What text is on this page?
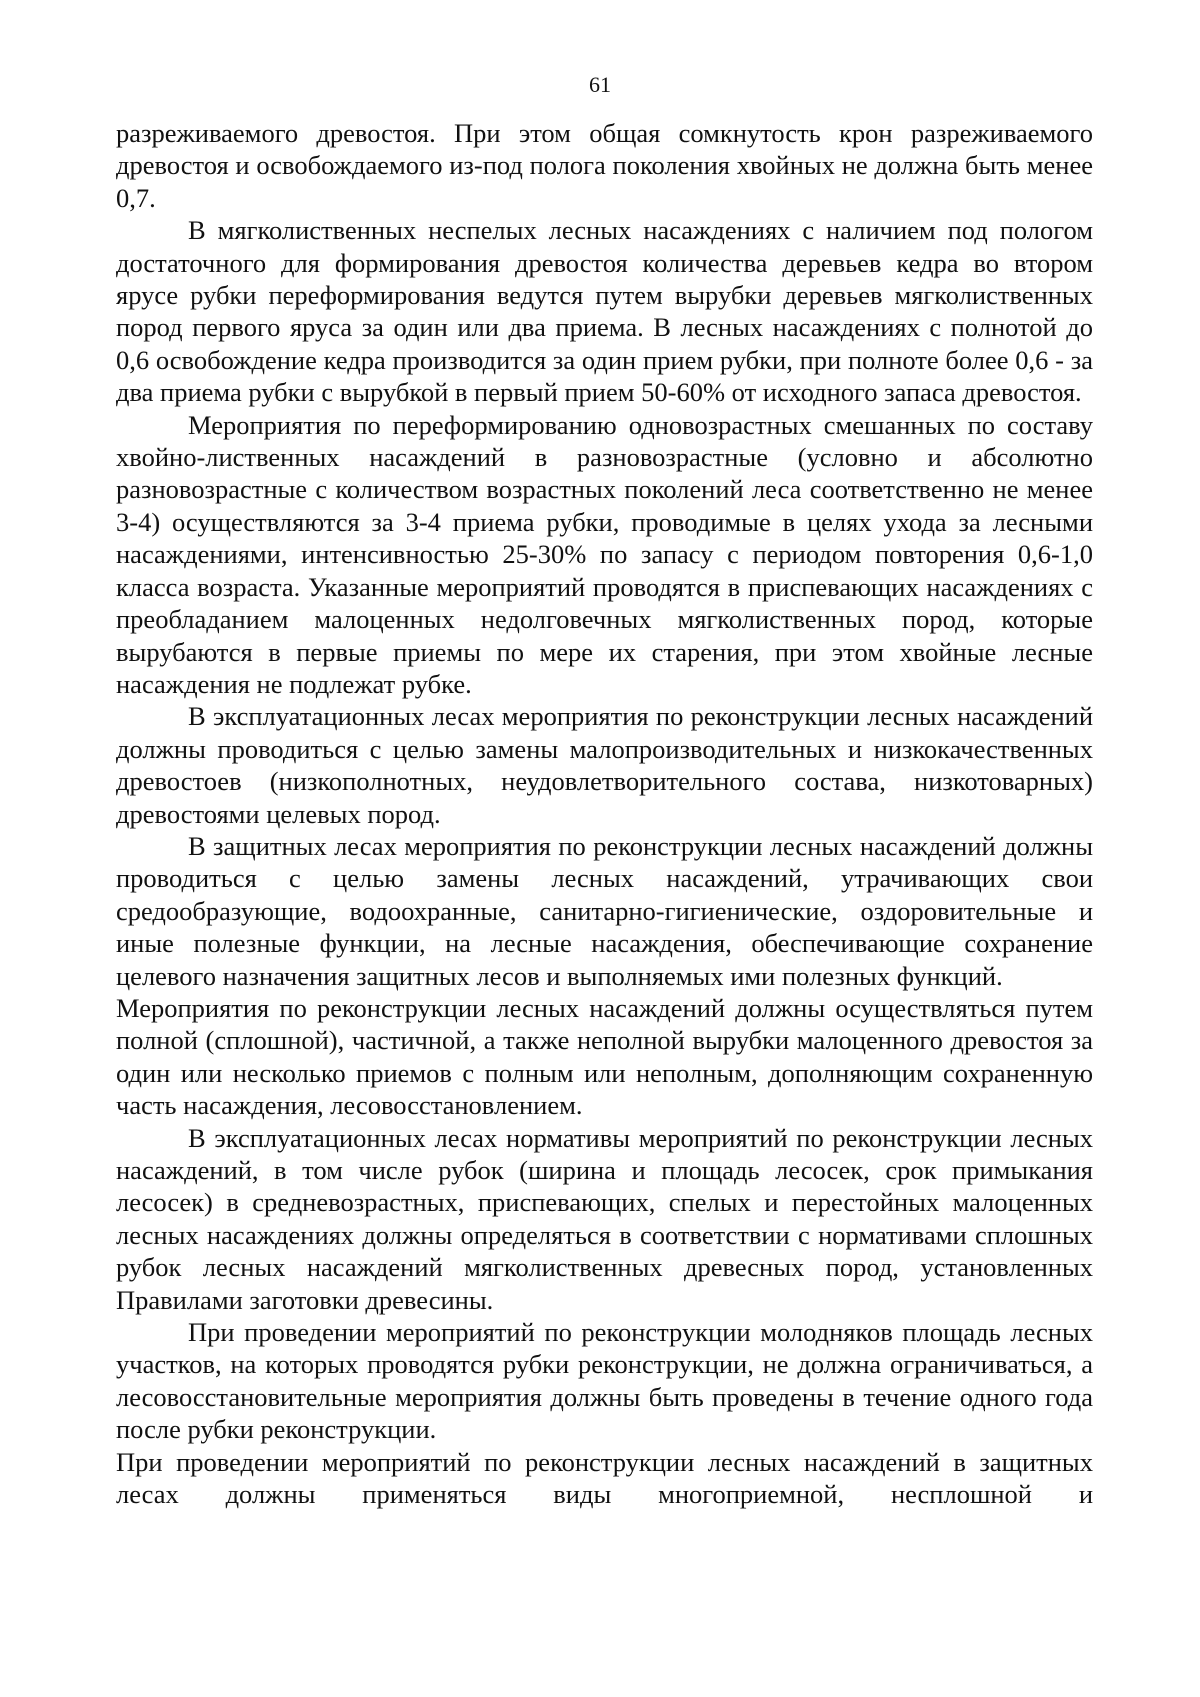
61

разреживаемого древостоя. При этом общая сомкнутость крон разреживаемого древостоя и освобождаемого из-под полога поколения хвойных не должна быть менее 0,7.

В мягколиственных неспелых лесных насаждениях с наличием под пологом достаточного для формирования древостоя количества деревьев кедра во втором ярусе рубки переформирования ведутся путем вырубки деревьев мягколиственных пород первого яруса за один или два приема. В лесных насаждениях с полнотой до 0,6 освобождение кедра производится за один прием рубки, при полноте более 0,6 - за два приема рубки с вырубкой в первый прием 50-60% от исходного запаса древостоя.

Мероприятия по переформированию одновозрастных смешанных по составу хвойно-лиственных насаждений в разновозрастные (условно и абсолютно разновозрастные с количеством возрастных поколений леса соответственно не менее 3-4) осуществляются за 3-4 приема рубки, проводимые в целях ухода за лесными насаждениями, интенсивностью 25-30% по запасу с периодом повторения 0,6-1,0 класса возраста. Указанные мероприятий проводятся в приспевающих насаждениях с преобладанием малоценных недолговечных мягколиственных пород, которые вырубаются в первые приемы по мере их старения, при этом хвойные лесные насаждения не подлежат рубке.

В эксплуатационных лесах мероприятия по реконструкции лесных насаждений должны проводиться с целью замены малопроизводительных и низкокачественных древостоев (низкополнотных, неудовлетворительного состава, низкотоварных) древостоями целевых пород.

В защитных лесах мероприятия по реконструкции лесных насаждений должны проводиться с целью замены лесных насаждений, утрачивающих свои средообразующие, водоохранные, санитарно-гигиенические, оздоровительные и иные полезные функции, на лесные насаждения, обеспечивающие сохранение целевого назначения защитных лесов и выполняемых ими полезных функций.

Мероприятия по реконструкции лесных насаждений должны осуществляться путем полной (сплошной), частичной, а также неполной вырубки малоценного древостоя за один или несколько приемов с полным или неполным, дополняющим сохраненную часть насаждения, лесовосстановлением.

В эксплуатационных лесах нормативы мероприятий по реконструкции лесных насаждений, в том числе рубок (ширина и площадь лесосек, срок примыкания лесосек) в средневозрастных, приспевающих, спелых и перестойных малоценных лесных насаждениях должны определяться в соответствии с нормативами сплошных рубок лесных насаждений мягколиственных древесных пород, установленных Правилами заготовки древесины.

При проведении мероприятий по реконструкции молодняков площадь лесных участков, на которых проводятся рубки реконструкции, не должна ограничиваться, а лесовосстановительные мероприятия должны быть проведены в течение одного года после рубки реконструкции.

При проведении мероприятий по реконструкции лесных насаждений в защитных лесах должны применяться виды многоприемной, несплошной и
